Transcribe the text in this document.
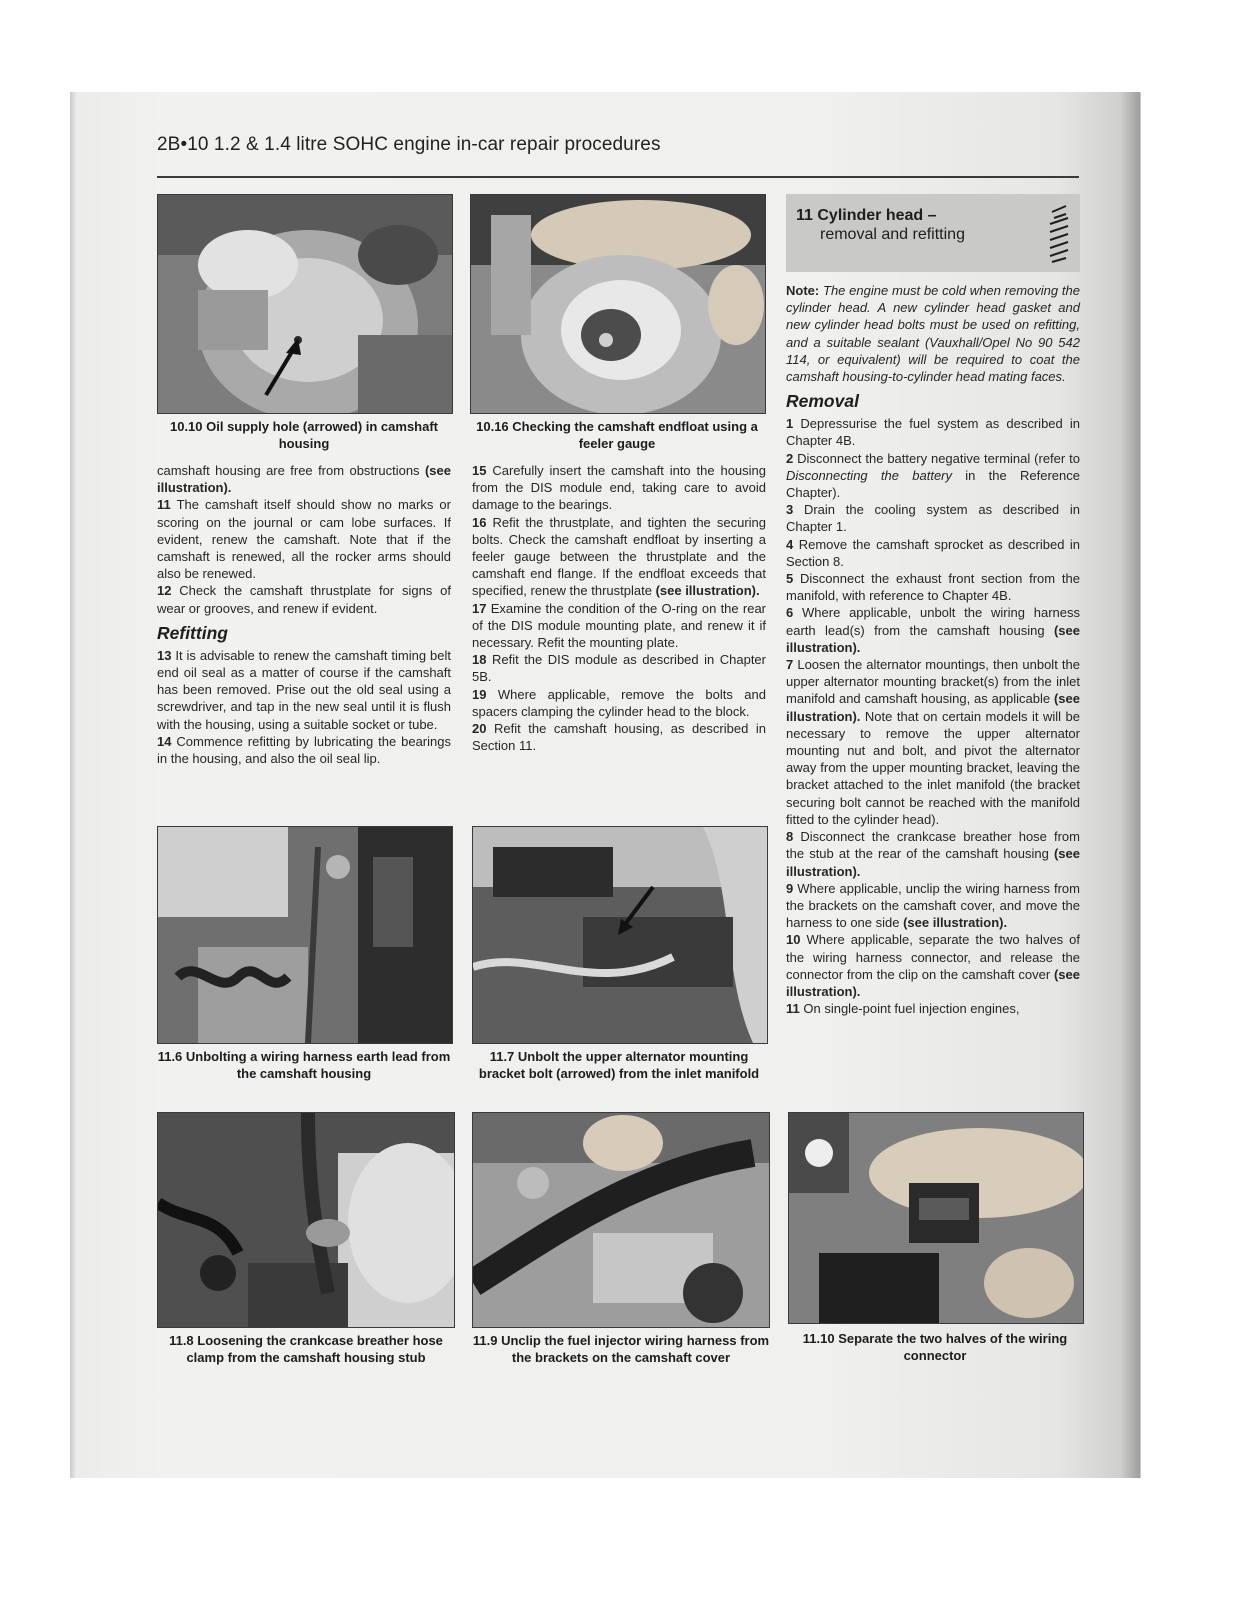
2B•10 1.2 & 1.4 litre SOHC engine in-car repair procedures
10.10 Oil supply hole (arrowed) in camshaft housing
10.16 Checking the camshaft endfloat using a feeler gauge
11 Cylinder head –
removal and refitting

camshaft housing are free from obstructions (see illustration).

11 The camshaft itself should show no marks or scoring on the journal or cam lobe surfaces. If evident, renew the camshaft. Note that if the camshaft is renewed, all the rocker arms should also be renewed.

12 Check the camshaft thrustplate for signs of wear or grooves, and renew if evident.

Refitting

13 It is advisable to renew the camshaft timing belt end oil seal as a matter of course if the camshaft has been removed. Prise out the old seal using a screwdriver, and tap in the new seal until it is flush with the housing, using a suitable socket or tube.

14 Commence refitting by lubricating the bearings in the housing, and also the oil seal lip.

15 Carefully insert the camshaft into the housing from the DIS module end, taking care to avoid damage to the bearings.

16 Refit the thrustplate, and tighten the securing bolts. Check the camshaft endfloat by inserting a feeler gauge between the thrustplate and the camshaft end flange. If the endfloat exceeds that specified, renew the thrustplate (see illustration).

17 Examine the condition of the O-ring on the rear of the DIS module mounting plate, and renew it if necessary. Refit the mounting plate.

18 Refit the DIS module as described in Chapter 5B.

19 Where applicable, remove the bolts and spacers clamping the cylinder head to the block.

20 Refit the camshaft housing, as described in Section 11.

Note: The engine must be cold when removing the cylinder head. A new cylinder head gasket and new cylinder head bolts must be used on refitting, and a suitable sealant (Vauxhall/Opel No 90 542 114, or equivalent) will be required to coat the camshaft housing-to-cylinder head mating faces.

Removal

1 Depressurise the fuel system as described in Chapter 4B.

2 Disconnect the battery negative terminal (refer to Disconnecting the battery in the Reference Chapter).

3 Drain the cooling system as described in Chapter 1.

4 Remove the camshaft sprocket as described in Section 8.

5 Disconnect the exhaust front section from the manifold, with reference to Chapter 4B.

6 Where applicable, unbolt the wiring harness earth lead(s) from the camshaft housing (see illustration).

7 Loosen the alternator mountings, then unbolt the upper alternator mounting bracket(s) from the inlet manifold and camshaft housing, as applicable (see illustration). Note that on certain models it will be necessary to remove the upper alternator mounting nut and bolt, and pivot the alternator away from the upper mounting bracket, leaving the bracket attached to the inlet manifold (the bracket securing bolt cannot be reached with the manifold fitted to the cylinder head).

8 Disconnect the crankcase breather hose from the stub at the rear of the camshaft housing (see illustration).

9 Where applicable, unclip the wiring harness from the brackets on the camshaft cover, and move the harness to one side (see illustration).

10 Where applicable, separate the two halves of the wiring harness connector, and release the connector from the clip on the camshaft cover (see illustration).

11 On single-point fuel injection engines,

11.6 Unbolting a wiring harness earth lead from the camshaft housing
11.7 Unbolt the upper alternator mounting bracket bolt (arrowed) from the inlet manifold
11.8 Loosening the crankcase breather hose clamp from the camshaft housing stub
11.9 Unclip the fuel injector wiring harness from the brackets on the camshaft cover
11.10 Separate the two halves of the wiring connector
